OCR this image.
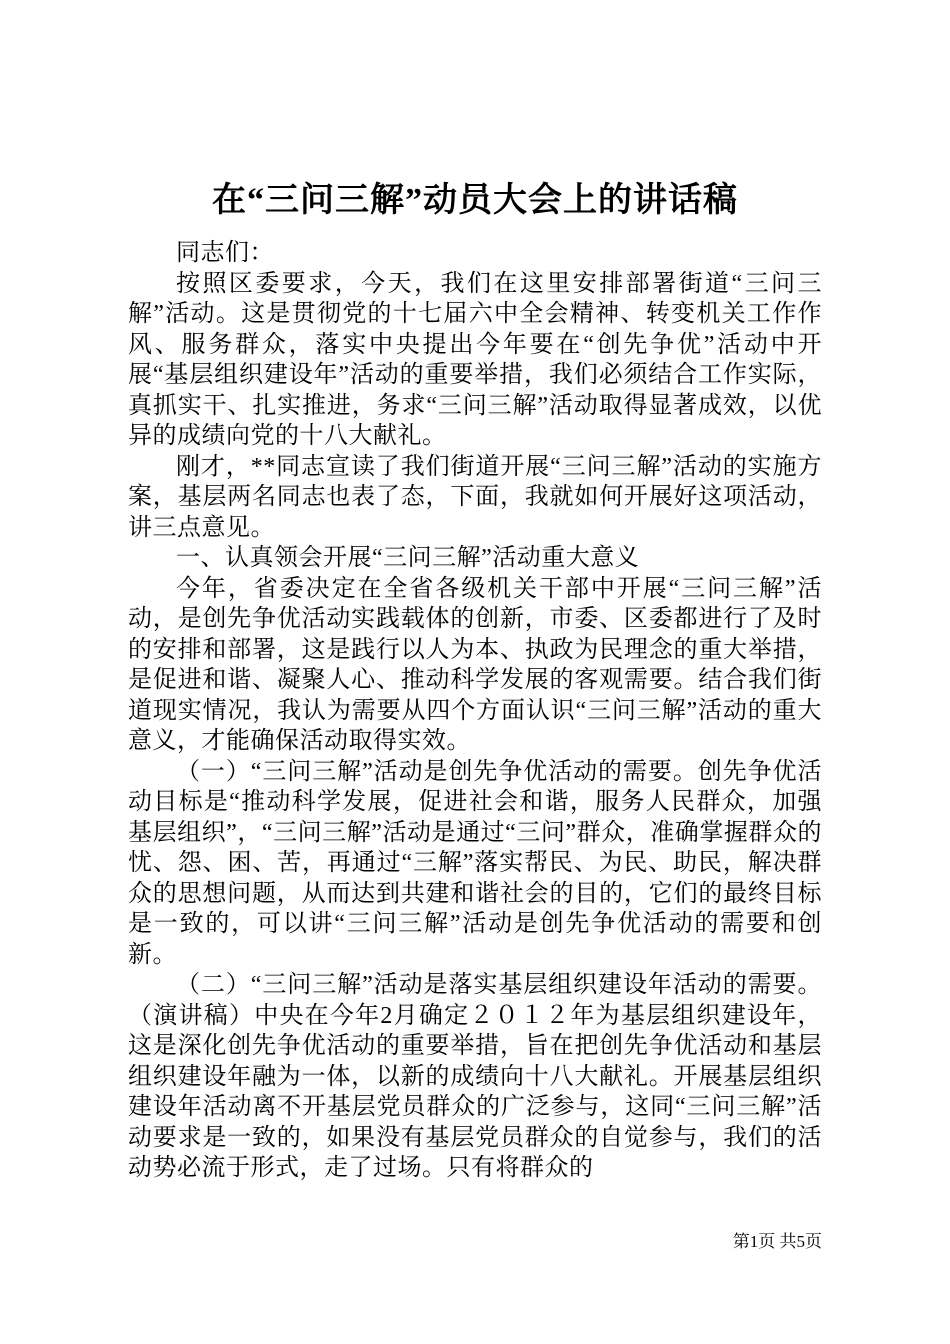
在“三问三解”动员大会上的讲话稿

同志们：

按照区委要求，今天，我们在这里安排部署街道“三问三解”活动。这是贯彻党的十七届六中全会精神、转变机关工作作风、服务群众，落实中央提出今年要在“创先争优”活动中开展“基层组织建设年”活动的重要举措，我们必须结合工作实际，真抓实干、扎实推进，务求“三问三解”活动取得显著成效，以优异的成绩向党的十八大献礼。

刚才，**同志宣读了我们街道开展“三问三解”活动的实施方案，基层两名同志也表了态，下面，我就如何开展好这项活动，讲三点意见。

一、认真领会开展“三问三解”活动重大意义

今年，省委决定在全省各级机关干部中开展“三问三解”活动，是创先争优活动实践载体的创新，市委、区委都进行了及时的安排和部署，这是践行以人为本、执政为民理念的重大举措，是促进和谐、凝聚人心、推动科学发展的客观需要。结合我们街道现实情况，我认为需要从四个方面认识“三问三解”活动的重大意义，才能确保活动取得实效。

（一）“三问三解”活动是创先争优活动的需要。创先争优活动目标是“推动科学发展，促进社会和谐，服务人民群众，加强基层组织”，“三问三解”活动是通过“三问”群众，准确掌握群众的忧、怨、困、苦，再通过“三解”落实帮民、为民、助民，解决群众的思想问题，从而达到共建和谐社会的目的，它们的最终目标是一致的，可以讲“三问三解”活动是创先争优活动的需要和创新。

（二）“三问三解”活动是落实基层组织建设年活动的需要。（演讲稿）中央在今年2月确定２０１２年为基层组织建设年，这是深化创先争优活动的重要举措，旨在把创先争优活动和基层组织建设年融为一体，以新的成绩向十八大献礼。开展基层组织建设年活动离不开基层党员群众的广泛参与，这同“三问三解”活动要求是一致的，如果没有基层党员群众的自觉参与，我们的活动势必流于形式，走了过场。只有将群众的

第1页 共5页
